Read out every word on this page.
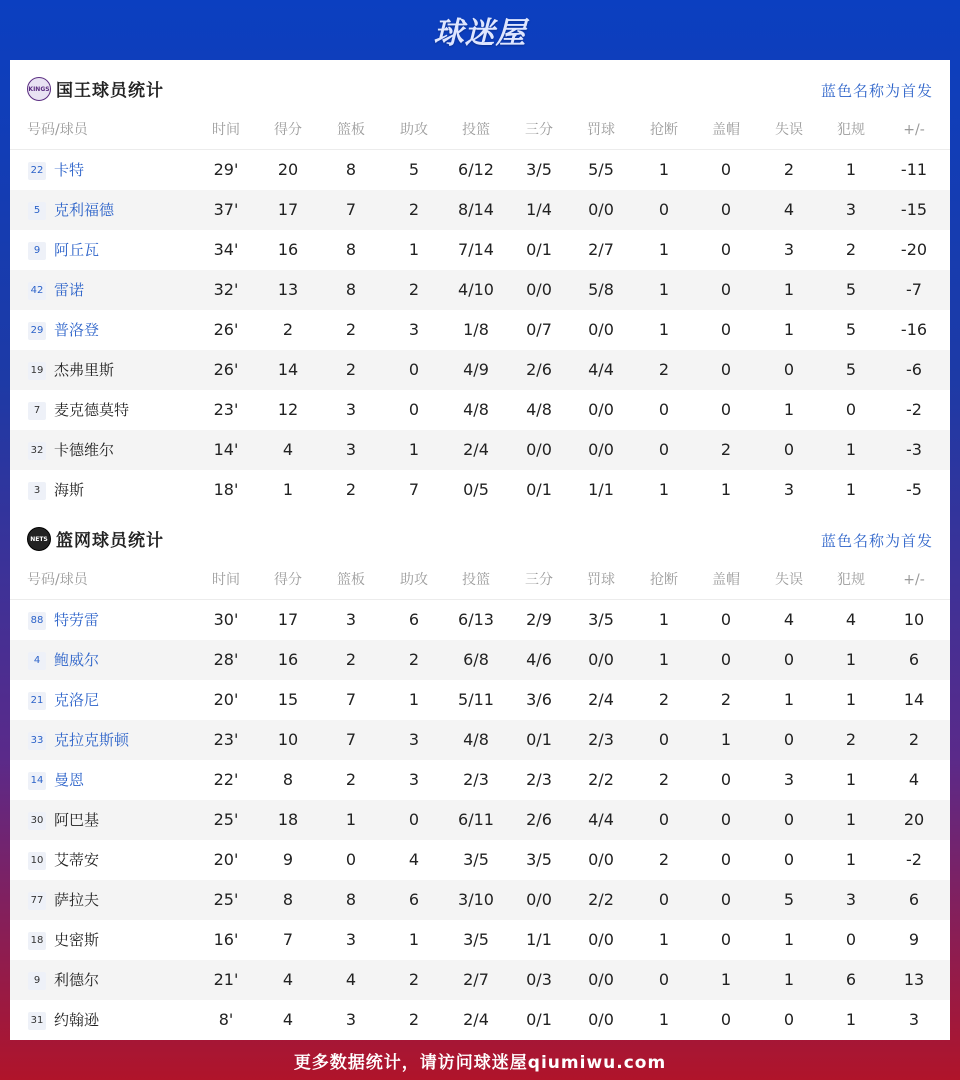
球迷屋
KINGS 国王球员统计	蓝色名称为首发
号码/球员	时间	得分	篮板	助攻	投篮	三分	罚球	抢断	盖帽	失误	犯规	+/-
22 卡特	29'	20	8	5	6/12	3/5	5/5	1	0	2	1	-11
5 克利福德	37'	17	7	2	8/14	1/4	0/0	0	0	4	3	-15
9 阿丘瓦	34'	16	8	1	7/14	0/1	2/7	1	0	3	2	-20
42 雷诺	32'	13	8	2	4/10	0/0	5/8	1	0	1	5	-7
29 普洛登	26'	2	2	3	1/8	0/7	0/0	1	0	1	5	-16
19 杰弗里斯	26'	14	2	0	4/9	2/6	4/4	2	0	0	5	-6
7 麦克德莫特	23'	12	3	0	4/8	4/8	0/0	0	0	1	0	-2
32 卡德维尔	14'	4	3	1	2/4	0/0	0/0	0	2	0	1	-3
3 海斯	18'	1	2	7	0/5	0/1	1/1	1	1	3	1	-5
NETS 篮网球员统计	蓝色名称为首发
号码/球员	时间	得分	篮板	助攻	投篮	三分	罚球	抢断	盖帽	失误	犯规	+/-
88 特劳雷	30'	17	3	6	6/13	2/9	3/5	1	0	4	4	10
4 鲍威尔	28'	16	2	2	6/8	4/6	0/0	1	0	0	1	6
21 克洛尼	20'	15	7	1	5/11	3/6	2/4	2	2	1	1	14
33 克拉克斯顿	23'	10	7	3	4/8	0/1	2/3	0	1	0	2	2
14 曼恩	22'	8	2	3	2/3	2/3	2/2	2	0	3	1	4
30 阿巴基	25'	18	1	0	6/11	2/6	4/4	0	0	0	1	20
10 艾蒂安	20'	9	0	4	3/5	3/5	0/0	2	0	0	1	-2
77 萨拉夫	25'	8	8	6	3/10	0/0	2/2	0	0	5	3	6
18 史密斯	16'	7	3	1	3/5	1/1	0/0	1	0	1	0	9
9 利德尔	21'	4	4	2	2/7	0/3	0/0	0	1	1	6	13
31 约翰逊	8'	4	3	2	2/4	0/1	0/0	1	0	0	1	3
更多数据统计，请访问球迷屋qiumiwu.com
